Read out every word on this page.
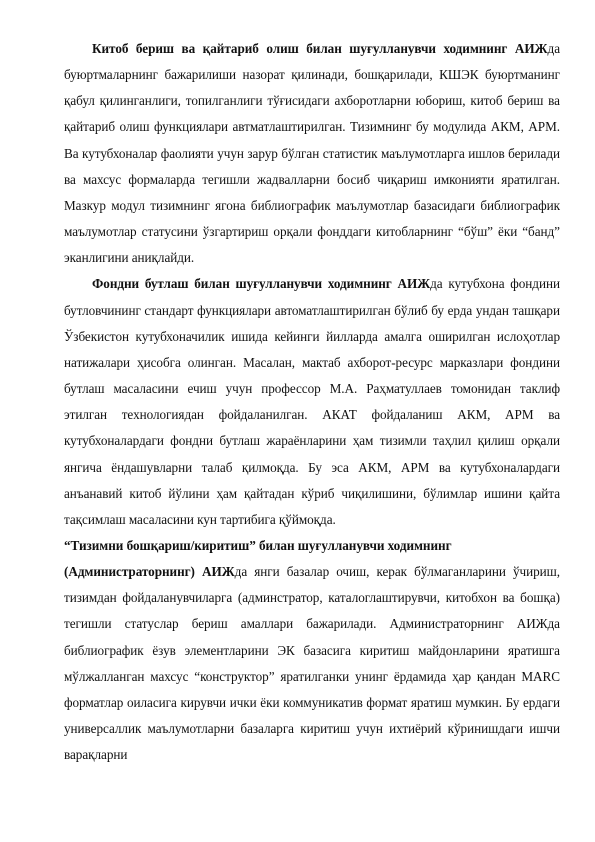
Китоб бериш ва қайтариб олиш билан шуғулланувчи ходимнинг АИЖда буюртмаларнинг бажарилиши назорат қилинади, бошқарилади, КШЭК буюртманинг қабул қилинганлиги, топилганлиги тўғисидаги ахборотларни юбориш, китоб бериш ва қайтариб олиш функциялари автматлаштирилган. Тизимнинг бу модулида АКМ, АРМ. Ва кутубхоналар фаолияти учун зарур бўлган статистик маълумотларга ишлов берилади ва махсус формаларда тегишли жадвалларни босиб чиқариш имконияти яратилган. Мазкур модул тизимнинг ягона библиографик маълумотлар базасидаги библиографик маълумотлар статусини ўзгартириш орқали фонддаги китобларнинг “бўш” ёки “банд” эканлигини аниқлайди.

Фондни бутлаш билан шуғулланувчи ходимнинг АИЖда кутубхона фондини бутловчининг стандарт функциялари автоматлаштирилган бўлиб бу ерда ундан ташқари Ўзбекистон кутубхоначилик ишида кейинги йилларда амалга оширилган ислоҳотлар натижалари ҳисобга олинган. Масалан, мактаб ахборот-ресурс марказлари фондини бутлаш масаласини ечиш учун профессор М.А. Раҳматуллаев томонидан таклиф этилган технологиядан фойдаланилган. АКАТ фойдаланиш АКМ, АРМ ва кутубхоналардаги фондни бутлаш жараёнларини ҳам тизимли таҳлил қилиш орқали янгича ёндашувларни талаб қилмоқда. Бу эса АКМ, АРМ ва кутубхоналардаги анъанавий китоб йўлини ҳам қайтадан кўриб чиқилишини, бўлимлар ишини қайта тақсимлаш масаласини кун тартибига қўймоқда.

“Тизимни бошқариш/киритиш” билан шуғулланувчи ходимнинг

(Администраторнинг) АИЖда янги базалар очиш, керак бўлмаганларини ўчириш, тизимдан фойдаланувчиларга (админстратор, каталоглаштирувчи, китобхон ва бошқа) тегишли статуслар бериш амаллари бажарилади. Администраторнинг АИЖда библиографик ёзув элементларини ЭК базасига киритиш майдонларини яратишга мўлжалланган махсус “конструктор” яратилганки унинг ёрдамида ҳар қандан MARC форматлар оиласига кирувчи ички ёки коммуникатив формат яратиш мумкин. Бу ердаги универсаллик маълумотларни базаларга киритиш учун ихтиёрий кўринишдаги ишчи варақларни
